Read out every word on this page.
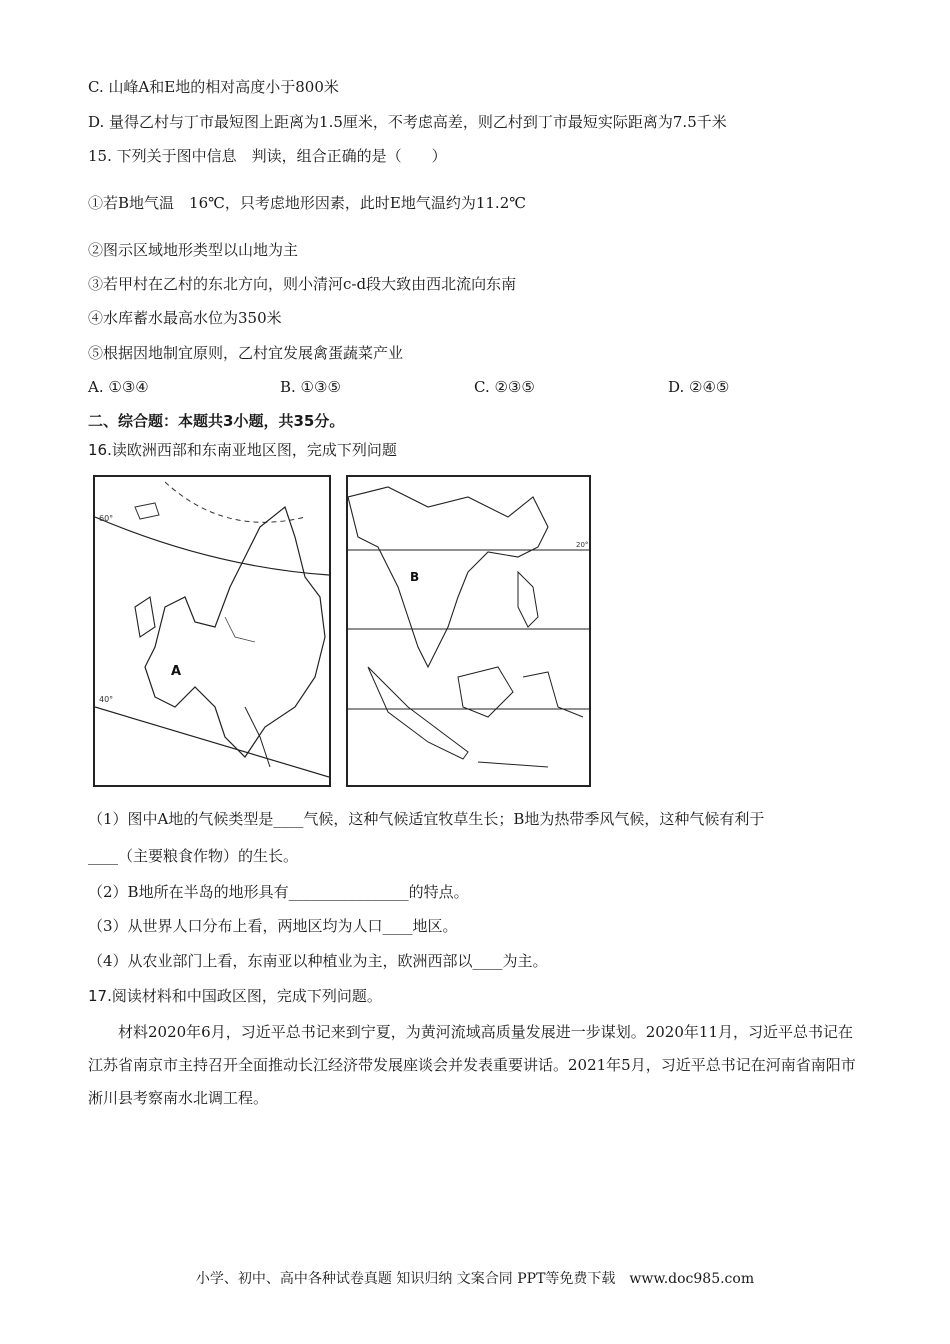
C. 山峰A和E地的相对高度小于800米
D. 量得乙村与丁市最短图上距离为1.5厘米，不考虑高差，则乙村到丁市最短实际距离为7.5千米
15. 下列关于图中信息　判读，组合正确的是（　　）
①若B地气温　16℃，只考虑地形因素，此时E地气温约为11.2℃
②图示区域地形类型以山地为主
③若甲村在乙村的东北方向，则小清河c-d段大致由西北流向东南
④水库蓄水最高水位为350米
⑤根据因地制宜原则，乙村宜发展禽蛋蔬菜产业
A. ①③④	B. ①③⑤	C. ②③⑤	D. ②④⑤
二、综合题：本题共3小题，共35分。
16.读欧洲西部和东南亚地区图，完成下列问题
60°
40°
A
20°
B
（1）图中A地的气候类型是____气候，这种气候适宜牧草生长；B地为热带季风气候，这种气候有利于
____（主要粮食作物）的生长。
（2）B地所在半岛的地形具有________________的特点。
（3）从世界人口分布上看，两地区均为人口____地区。
（4）从农业部门上看，东南亚以种植业为主，欧洲西部以____为主。
17.阅读材料和中国政区图，完成下列问题。
材料2020年6月，习近平总书记来到宁夏，为黄河流域高质量发展进一步谋划。2020年11月，习近平总书记在江苏省南京市主持召开全面推动长江经济带发展座谈会并发表重要讲话。2021年5月，习近平总书记在河南省南阳市淅川县考察南水北调工程。
小学、初中、高中各种试卷真题 知识归纳 文案合同 PPT等免费下载　www.doc985.com
